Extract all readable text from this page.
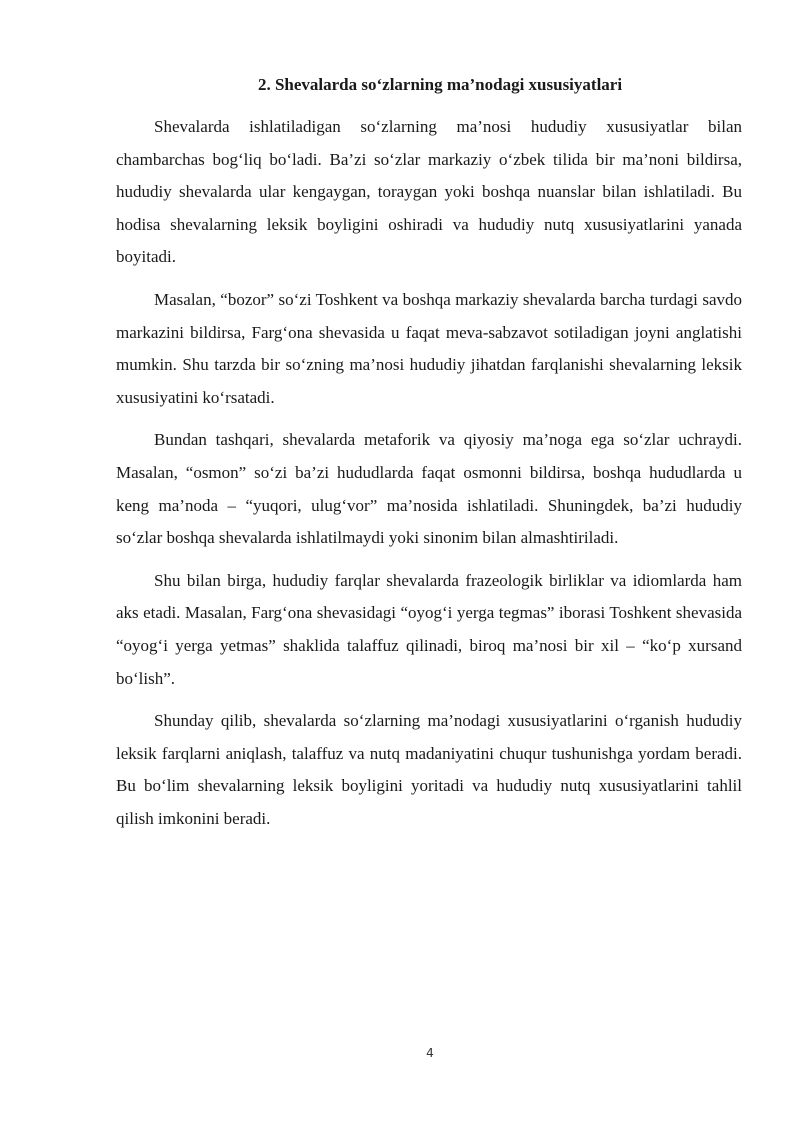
2. Shevalarda so‘zlarning ma’nodagi xususiyatlari

Shevalarda ishlatiladigan so‘zlarning ma’nosi hududiy xususiyatlar bilan chambarchas bog‘liq bo‘ladi. Ba’zi so‘zlar markaziy o‘zbek tilida bir ma’noni bildirsa, hududiy shevalarda ular kengaygan, toraygan yoki boshqa nuanslar bilan ishlatiladi. Bu hodisa shevalarning leksik boyligini oshiradi va hududiy nutq xususiyatlarini yanada boyitadi.

Masalan, “bozor” so‘zi Toshkent va boshqa markaziy shevalarda barcha turdagi savdo markazini bildirsa, Farg‘ona shevasida u faqat meva-sabzavot sotiladigan joyni anglatishi mumkin. Shu tarzda bir so‘zning ma’nosi hududiy jihatdan farqlanishi shevalarning leksik xususiyatini ko‘rsatadi.

Bundan tashqari, shevalarda metaforik va qiyosiy ma’noga ega so‘zlar uchraydi. Masalan, “osmon” so‘zi ba’zi hududlarda faqat osmonni bildirsa, boshqa hududlarda u keng ma’noda – “yuqori, ulug‘vor” ma’nosida ishlatiladi. Shuningdek, ba’zi hududiy so‘zlar boshqa shevalarda ishlatilmaydi yoki sinonim bilan almashtiriladi.

Shu bilan birga, hududiy farqlar shevalarda frazeologik birliklar va idiomlarda ham aks etadi. Masalan, Farg‘ona shevasidagi “oyog‘i yerga tegmas” iborasi Toshkent shevasida “oyog‘i yerga yetmas” shaklida talaffuz qilinadi, biroq ma’nosi bir xil – “ko‘p xursand bo‘lish”.

Shunday qilib, shevalarda so‘zlarning ma’nodagi xususiyatlarini o‘rganish hududiy leksik farqlarni aniqlash, talaffuz va nutq madaniyatini chuqur tushunishga yordam beradi. Bu bo‘lim shevalarning leksik boyligini yoritadi va hududiy nutq xususiyatlarini tahlil qilish imkonini beradi.

4
